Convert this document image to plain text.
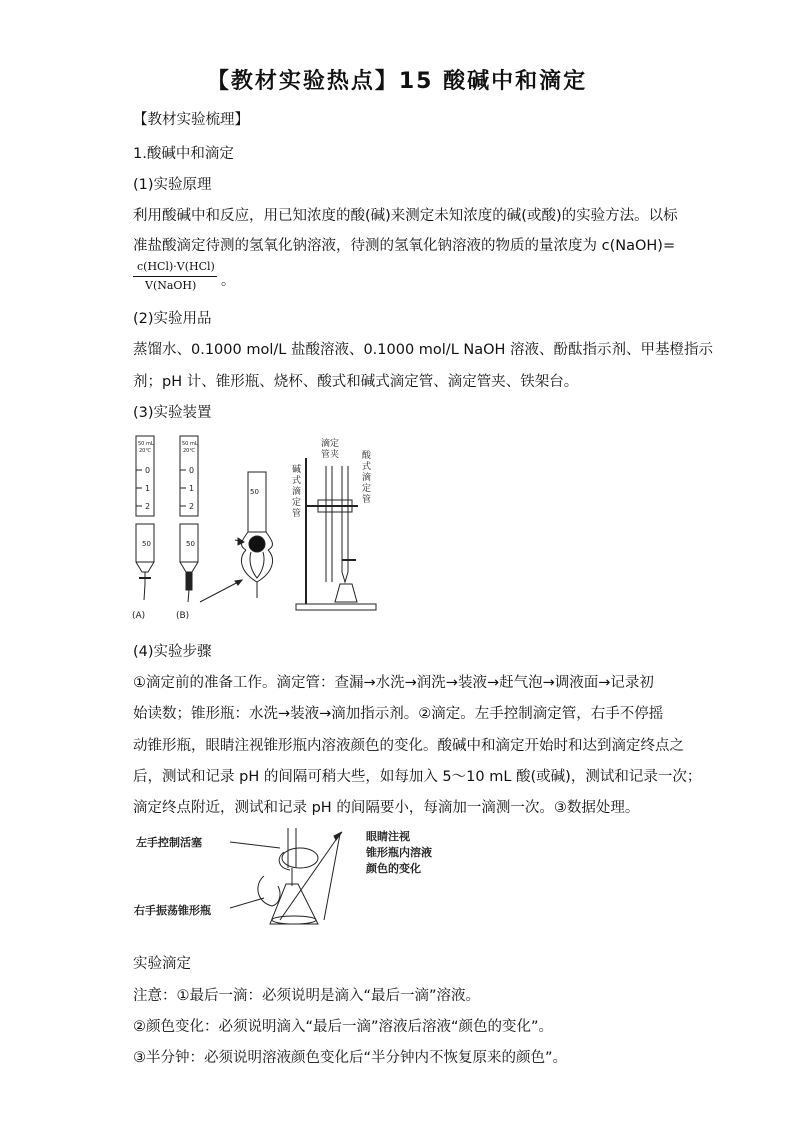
【教材实验热点】15 酸碱中和滴定
【教材实验梳理】
1.酸碱中和滴定
(1)实验原理
利用酸碱中和反应，用已知浓度的酸(碱)来测定未知浓度的碱(或酸)的实验方法。以标
准盐酸滴定待测的氢氧化钠溶液，待测的氢氧化钠溶液的物质的量浓度为 c(NaOH)=
c(HCl)·V(HCl)
V(NaOH) 。
(2)实验用品
蒸馏水、0.1000 mol/L 盐酸溶液、0.1000 mol/L NaOH 溶液、酚酞指示剂、甲基橙指示
剂；pH 计、锥形瓶、烧杯、酸式和碱式滴定管、滴定管夹、铁架台。
(3)实验装置
50 mL
20℃
0
1
2
50
(A)
50 mL
20℃
0
1
2
50
(B)
50
滴定
管夹
碱
式
滴
定
管
酸
式
滴
定
管
(4)实验步骤
①滴定前的准备工作。滴定管：查漏→水洗→润洗→装液→赶气泡→调液面→记录初
始读数；锥形瓶：水洗→装液→滴加指示剂。②滴定。左手控制滴定管，右手不停摇
动锥形瓶，眼睛注视锥形瓶内溶液颜色的变化。酸碱中和滴定开始时和达到滴定终点之
后，测试和记录 pH 的间隔可稍大些，如每加入 5～10 mL 酸(或碱)，测试和记录一次；
滴定终点附近，测试和记录 pH 的间隔要小，每滴加一滴测一次。③数据处理。
左手控制活塞
右手振荡锥形瓶
眼睛注视
锥形瓶内溶液
颜色的变化
实验滴定
注意：①最后一滴：必须说明是滴入“最后一滴”溶液。
②颜色变化：必须说明滴入“最后一滴”溶液后溶液“颜色的变化”。
③半分钟：必须说明溶液颜色变化后“半分钟内不恢复原来的颜色”。
